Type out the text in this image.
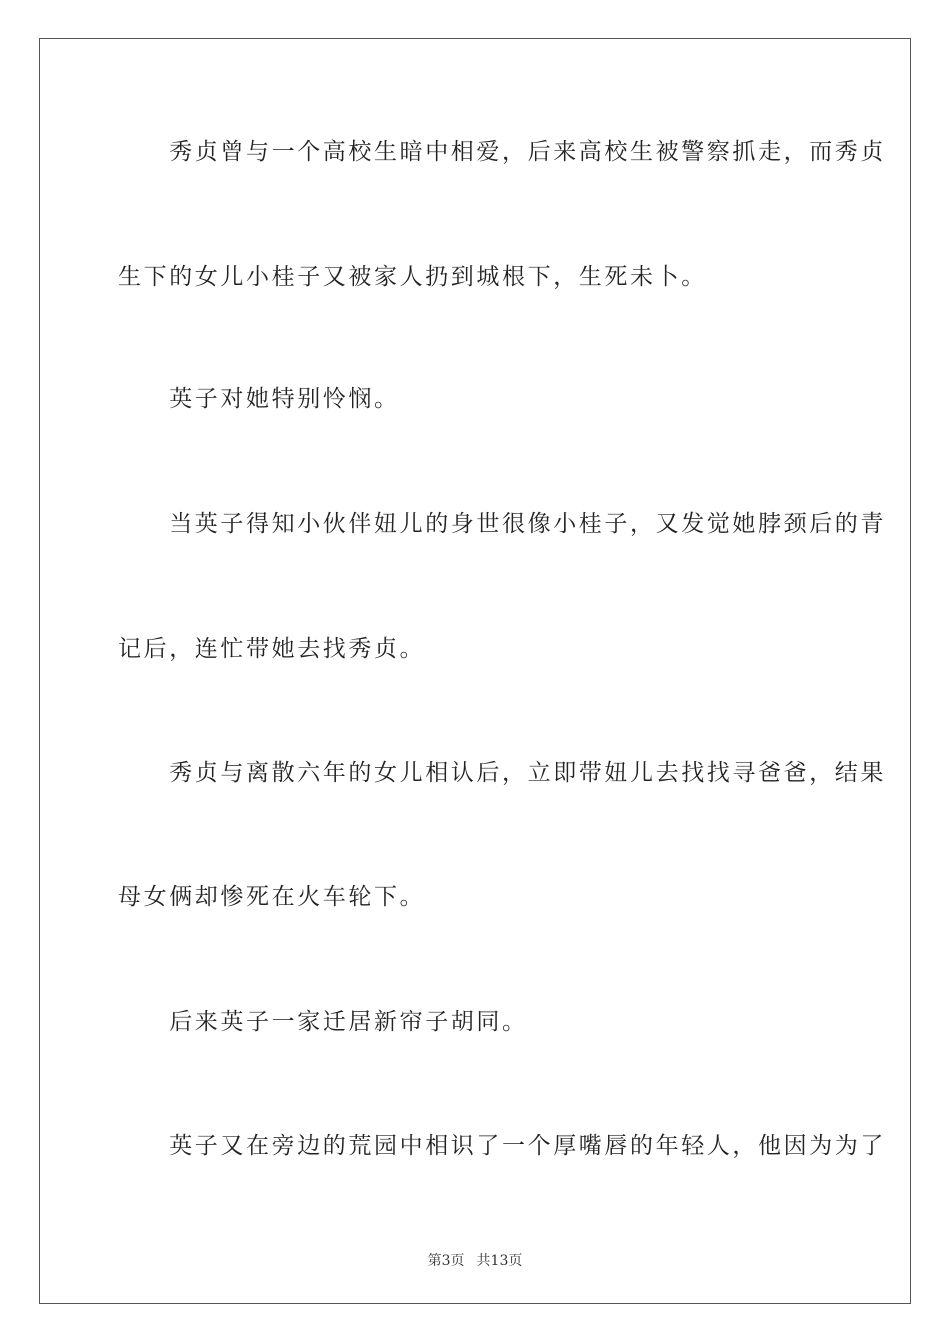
　　秀贞曾与一个高校生暗中相爱，后来高校生被警察抓走，而秀贞
生下的女儿小桂子又被家人扔到城根下，生死未卜。
　　英子对她特别怜悯。
　　当英子得知小伙伴妞儿的身世很像小桂子，又发觉她脖颈后的青
记后，连忙带她去找秀贞。
　　秀贞与离散六年的女儿相认后，立即带妞儿去找找寻爸爸，结果
母女俩却惨死在火车轮下。
　　后来英子一家迁居新帘子胡同。
　　英子又在旁边的荒园中相识了一个厚嘴唇的年轻人，他因为为了
第3页 共13页
